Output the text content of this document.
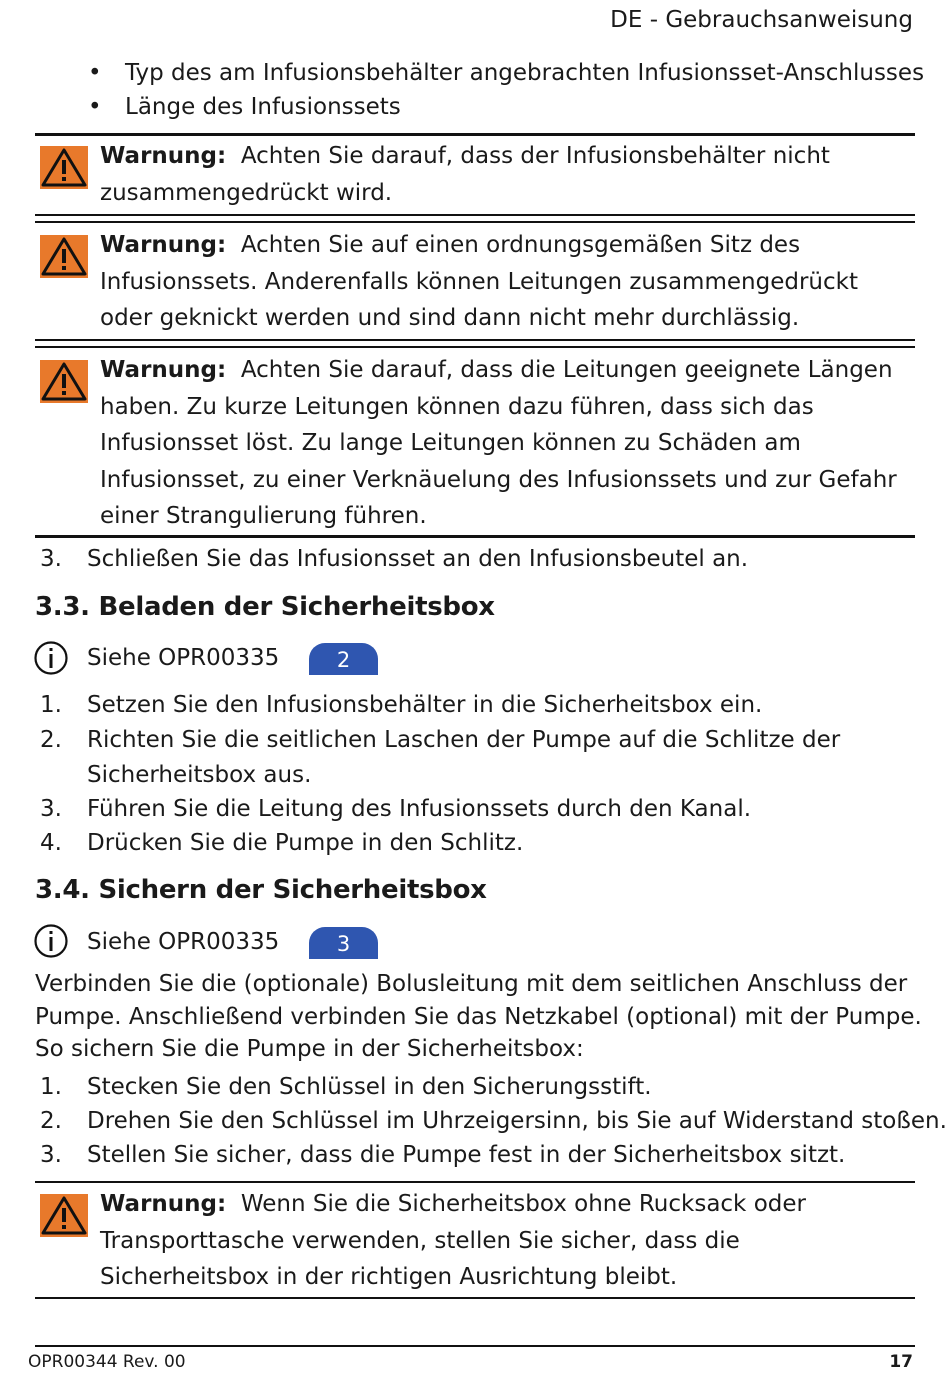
DE - Gebrauchsanweisung
• Typ des am Infusionsbehälter angebrachten Infusionsset-Anschlusses
• Länge des Infusionssets
Warnung: Achten Sie darauf, dass der Infusionsbehälter nicht zusammengedrückt wird.
Warnung: Achten Sie auf einen ordnungsgemäßen Sitz des Infusionssets. Anderenfalls können Leitungen zusammengedrückt oder geknickt werden und sind dann nicht mehr durchlässig.
Warnung: Achten Sie darauf, dass die Leitungen geeignete Längen haben. Zu kurze Leitungen können dazu führen, dass sich das Infusionsset löst. Zu lange Leitungen können zu Schäden am Infusionsset, zu einer Verknäuelung des Infusionssets und zur Gefahr einer Strangulierung führen.
3. Schließen Sie das Infusionsset an den Infusionsbeutel an.
3.3. Beladen der Sicherheitsbox
Siehe OPR00335	2
1. Setzen Sie den Infusionsbehälter in die Sicherheitsbox ein.
2. Richten Sie die seitlichen Laschen der Pumpe auf die Schlitze der
Sicherheitsbox aus.
3. Führen Sie die Leitung des Infusionssets durch den Kanal.
4. Drücken Sie die Pumpe in den Schlitz.
3.4. Sichern der Sicherheitsbox
Siehe OPR00335	3
Verbinden Sie die (optionale) Bolusleitung mit dem seitlichen Anschluss der Pumpe. Anschließend verbinden Sie das Netzkabel (optional) mit der Pumpe. So sichern Sie die Pumpe in der Sicherheitsbox:
1. Stecken Sie den Schlüssel in den Sicherungsstift.
2. Drehen Sie den Schlüssel im Uhrzeigersinn, bis Sie auf Widerstand stoßen.
3. Stellen Sie sicher, dass die Pumpe fest in der Sicherheitsbox sitzt.
Warnung: Wenn Sie die Sicherheitsbox ohne Rucksack oder Transporttasche verwenden, stellen Sie sicher, dass die Sicherheitsbox in der richtigen Ausrichtung bleibt.
OPR00344 Rev. 00	17
